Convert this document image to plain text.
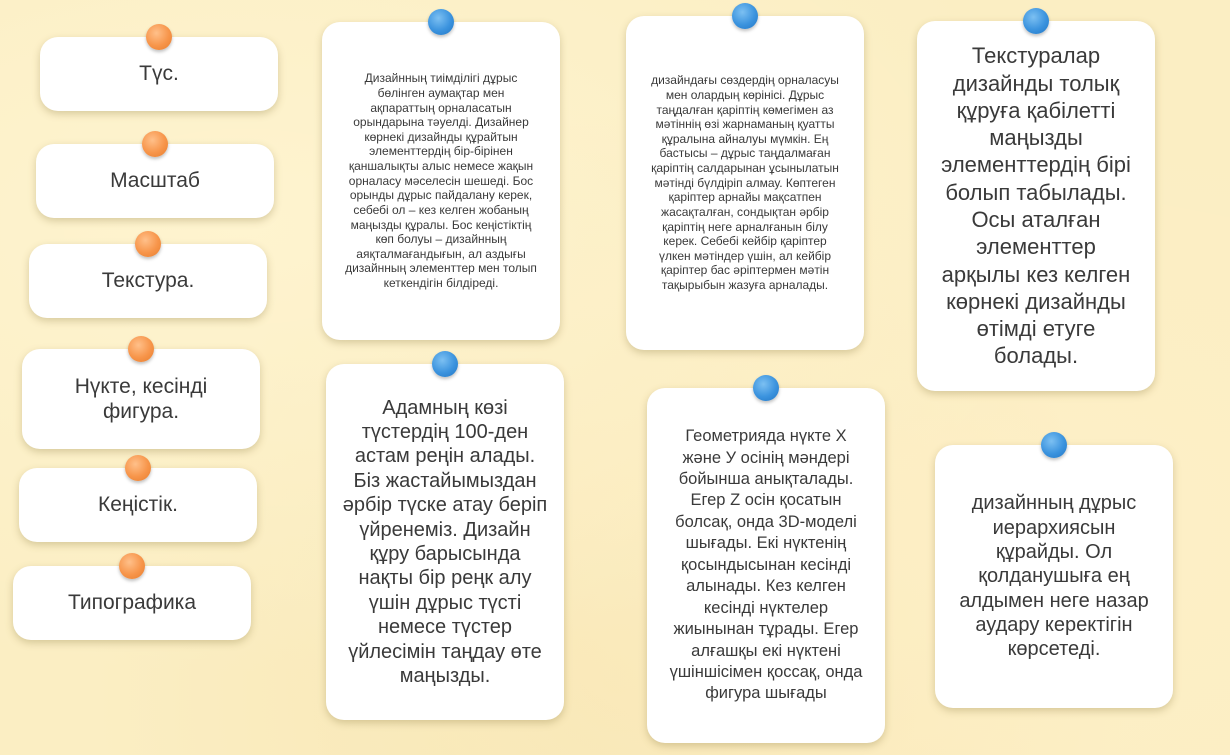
Түс.
Масштаб
Текстура.
Нүкте, кесінді фигура.
Кеңістік.
Типографика
Дизайнның тиімділігі дұрыс бөлінген аумақтар мен ақпараттың орналасатын орындарына тәуелді. Дизайнер көрнекі дизайнды құрайтын элементтердің бір-бірінен қаншалықты алыс немесе жақын орналасу мәселесін шешеді. Бос орынды дұрыс пайдалану керек, себебі ол – кез келген жобаның маңызды құралы. Бос кеңістіктің көп болуы – дизайнның аяқталмағандығын, ал аздығы дизайнның элементтер мен толып кеткендігін білдіреді.
дизайндағы сөздердің орналасуы мен олардың көрінісі. Дұрыс таңдалған қаріптің көмегімен аз мәтіннің өзі жарнаманың қуатты құралына айналуы мүмкін. Ең бастысы – дұрыс таңдалмаған қаріптің салдарынан ұсынылатын мәтінді бүлдіріп алмау. Көптеген қаріптер арнайы мақсатпен жасақталған, сондықтан әрбір қаріптің неге арналғанын білу керек. Себебі кейбір қаріптер үлкен мәтіндер үшін, ал кейбір қаріптер бас әріптермен мәтін тақырыбын жазуға арналады.
Текстуралар дизайнды толық құруға қабілетті маңызды элементтердің бірі болып табылады. Осы аталған элементтер арқылы кез келген көрнекі дизайнды өтімді етуге болады.
Адамның көзі түстердің 100-ден астам реңін алады. Біз жастайымыздан әрбір түске атау беріп үйренеміз. Дизайн құру барысында нақты бір реңк алу үшін дұрыс түсті немесе түстер үйлесімін таңдау өте маңызды.
Геометрияда нүкте Х және У осінің мәндері бойынша анықталады. Егер Z осін қосатын болсақ, онда 3D-моделі шығады. Екі нүктенің қосындысынан кесінді алынады. Кез келген кесінді нүктелер жиынынан тұрады. Егер алғашқы екі нүктені үшіншісімен қоссақ, онда фигура шығады
дизайнның дұрыс иерархиясын құрайды. Ол қолданушыға ең алдымен неге назар аудару керектігін көрсетеді.
